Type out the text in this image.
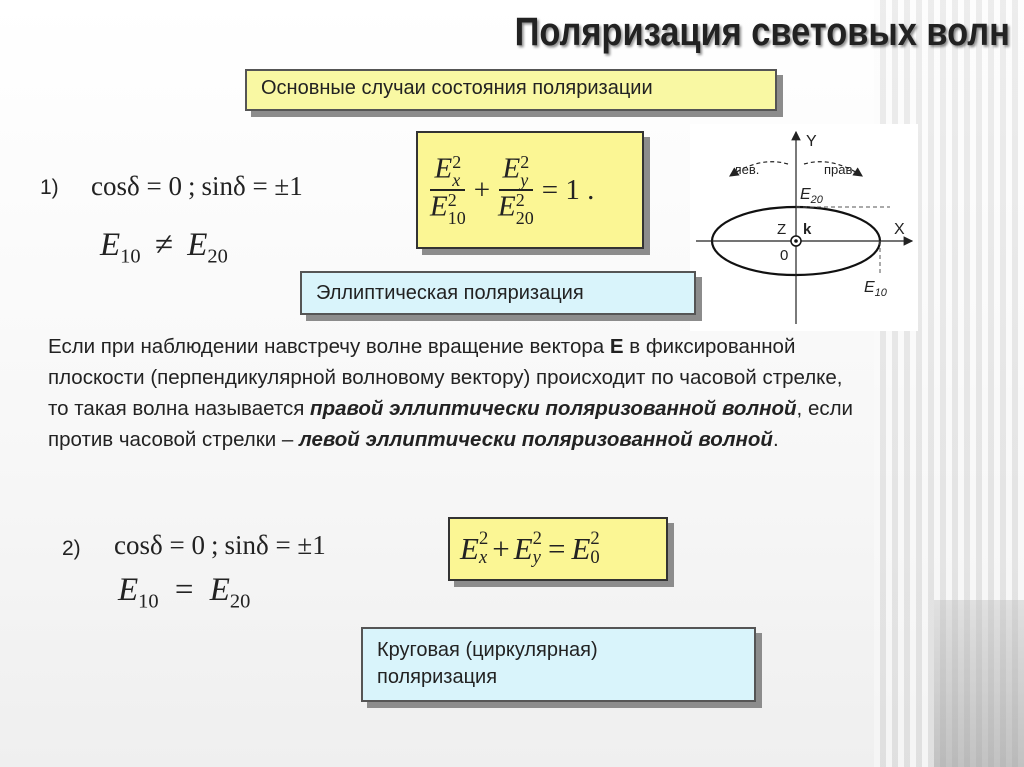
Поляризация световых волн
Основные случаи состояния поляризации
1) cosδ = 0 ; sinδ = ±1
$E_{10} \ne E_{20}$
E 2
x
E 2
10 + E 2
y
E 2
20 = 1 .
лев.	прав.
Y
X
Z k
0
$E_{20}$
$E_{10}$
Эллиптическая поляризация
Если при наблюдении навстречу волне вращение вектора E в фиксированной плоскости (перпендикулярной волновому вектору) происходит по часовой стрелке, то такая волна называется правой эллиптически поляризованной волной, если против часовой стрелки – левой эллиптически поляризованной волной.
2) cosδ = 0 ; sinδ = ±1
$E_{10} = E_{20}$
E 2
x + E 2
y = E 2
0
Круговая (циркулярная)
поляризация
